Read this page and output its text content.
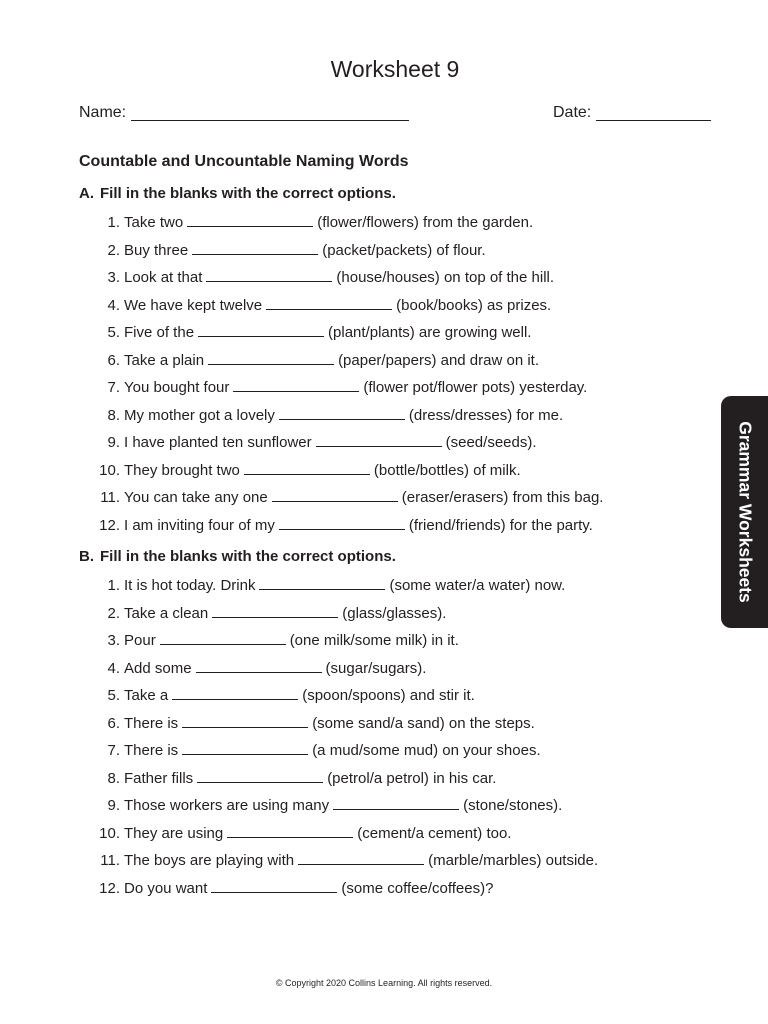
Worksheet 9
Name:	Date:
Countable and Uncountable Naming Words
A. Fill in the blanks with the correct options.
1. Take two	(flower/flowers) from the garden.
2. Buy three	(packet/packets) of flour.
3. Look at that	(house/houses) on top of the hill.
4. We have kept twelve	(book/books) as prizes.
5. Five of the	(plant/plants) are growing well.
6. Take a plain	(paper/papers) and draw on it.
7. You bought four	(flower pot/flower pots) yesterday.
8. My mother got a lovely	(dress/dresses) for me.
9. I have planted ten sunflower	(seed/seeds).
10. They brought two	(bottle/bottles) of milk.
11. You can take any one	(eraser/erasers) from this bag.
12. I am inviting four of my	(friend/friends) for the party.
B. Fill in the blanks with the correct options.
1. It is hot today. Drink	(some water/a water) now.
2. Take a clean	(glass/glasses).
3. Pour	(one milk/some milk) in it.
4. Add some	(sugar/sugars).
5. Take a	(spoon/spoons) and stir it.
6. There is	(some sand/a sand) on the steps.
7. There is	(a mud/some mud) on your shoes.
8. Father fills	(petrol/a petrol) in his car.
9. Those workers are using many	(stone/stones).
10. They are using	(cement/a cement) too.
11. The boys are playing with	(marble/marbles) outside.
12. Do you want	(some coffee/coffees)?
Grammar Worksheets
© Copyright 2020 Collins Learning. All rights reserved.
